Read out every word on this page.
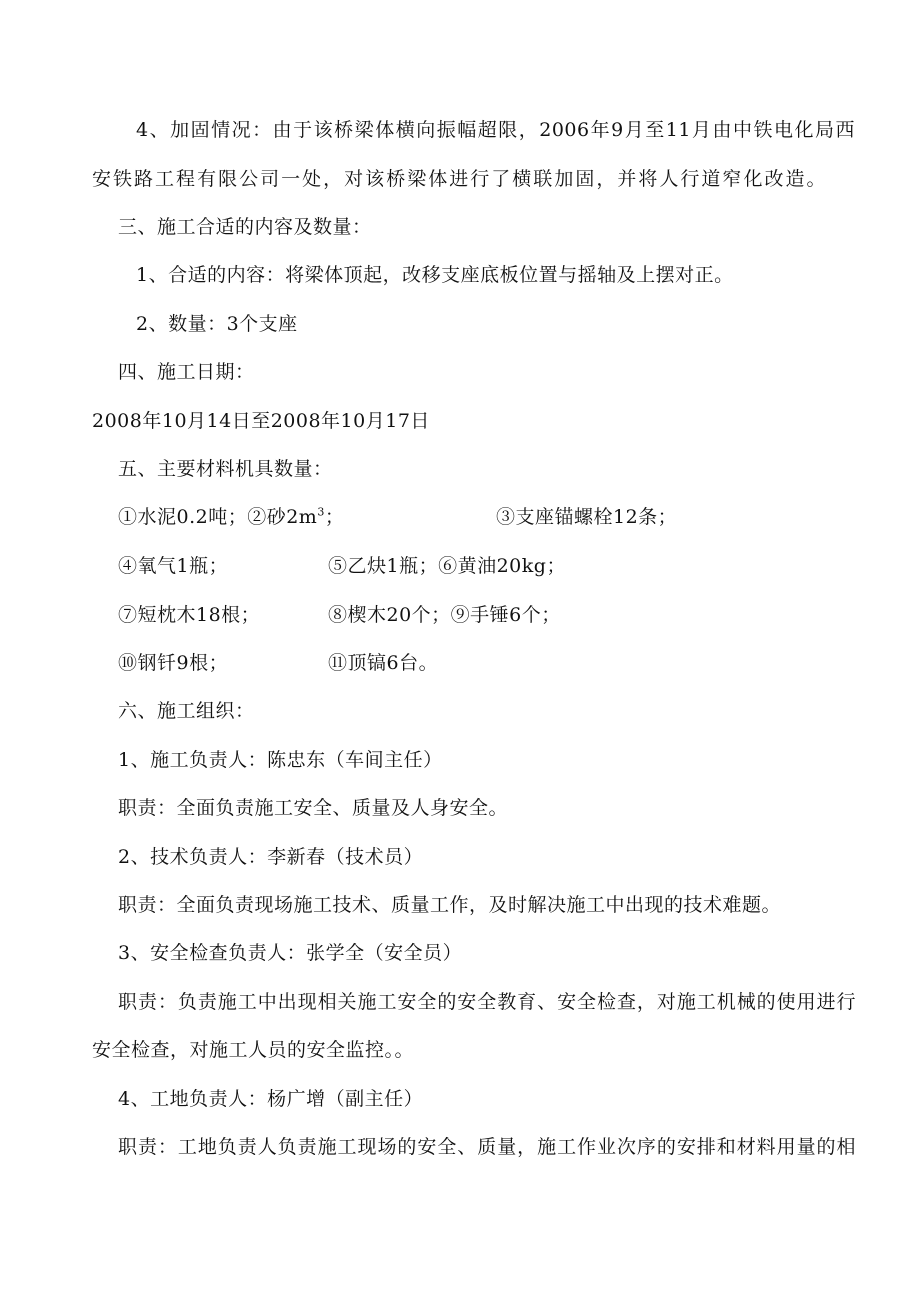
4、加固情况：由于该桥梁体横向振幅超限，2006年9月至11月由中铁电化局西
安铁路工程有限公司一处，对该桥梁体进行了横联加固，并将人行道窄化改造。
三、施工合适的内容及数量：
1、合适的内容：将梁体顶起，改移支座底板位置与摇轴及上摆对正。
2、数量：3个支座
四、施工日期：
2008年10月14日至2008年10月17日
五、主要材料机具数量：
①水泥0.2吨；②砂$2m^3$；	③支座锚螺栓12条；
④氧气1瓶；	⑤乙炔1瓶；⑥黄油20kg；
⑦短枕木18根；	⑧楔木20个；⑨手锤6个；
⑩钢钎9根；	⑪顶镐6台。
六、施工组织：
1、施工负责人：陈忠东（车间主任）
职责：全面负责施工安全、质量及人身安全。
2、技术负责人：李新春（技术员）
职责：全面负责现场施工技术、质量工作，及时解决施工中出现的技术难题。
3、安全检查负责人：张学全（安全员）
职责：负责施工中出现相关施工安全的安全教育、安全检查，对施工机械的使用进行
安全检查，对施工人员的安全监控。。
4、工地负责人：杨广增（副主任）
职责：工地负责人负责施工现场的安全、质量，施工作业次序的安排和材料用量的相
